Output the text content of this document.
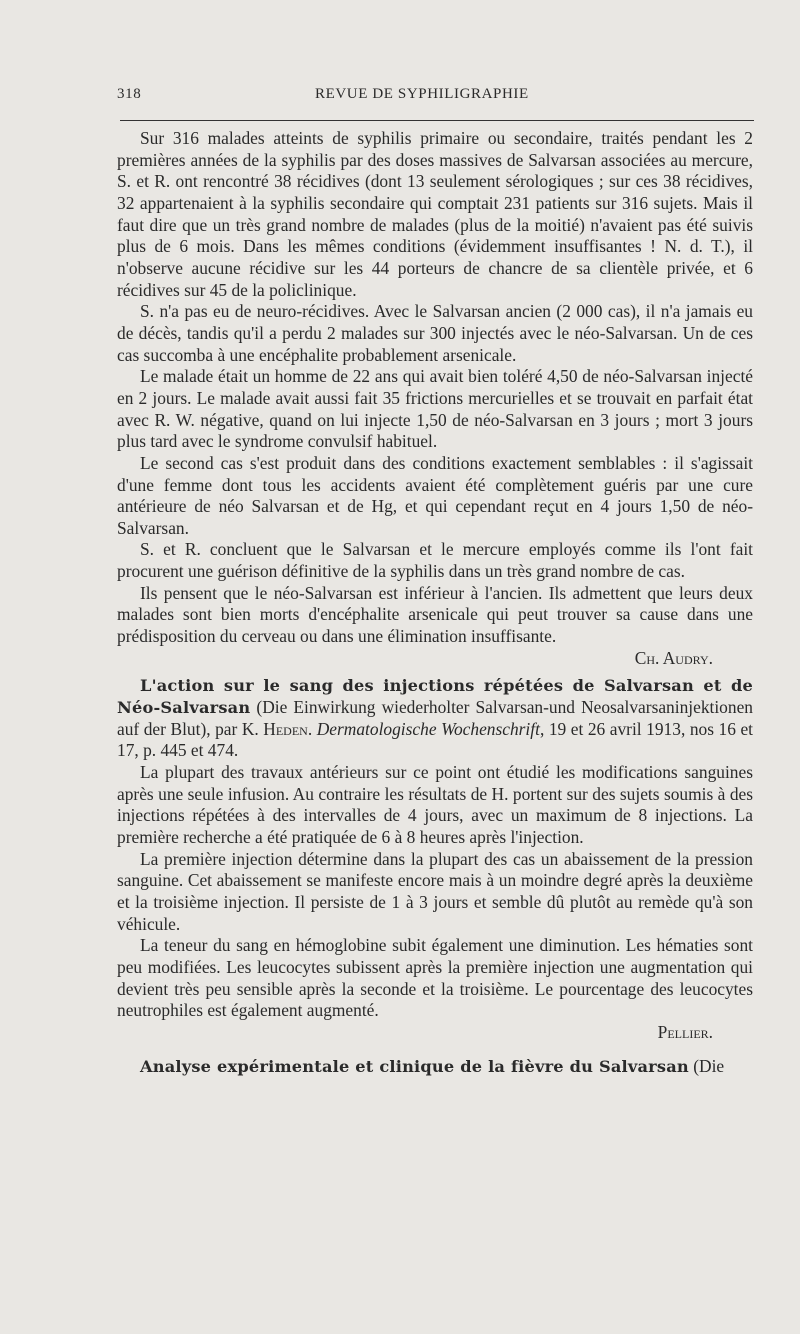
318	REVUE DE SYPHILIGRAPHIE

Sur 316 malades atteints de syphilis primaire ou secondaire, traités pendant les 2 premières années de la syphilis par des doses massives de Salvarsan associées au mercure, S. et R. ont rencontré 38 récidives (dont 13 seulement sérologiques ; sur ces 38 récidives, 32 appartenaient à la syphilis secondaire qui comptait 231 patients sur 316 sujets. Mais il faut dire que un très grand nombre de malades (plus de la moitié) n'avaient pas été suivis plus de 6 mois. Dans les mêmes conditions (évidemment insuffisantes ! N. d. T.), il n'observe aucune récidive sur les 44 porteurs de chancre de sa clientèle privée, et 6 récidives sur 45 de la policlinique.

S. n'a pas eu de neuro-récidives. Avec le Salvarsan ancien (2 000 cas), il n'a jamais eu de décès, tandis qu'il a perdu 2 malades sur 300 injectés avec le néo-Salvarsan. Un de ces cas succomba à une encéphalite probablement arsenicale.

Le malade était un homme de 22 ans qui avait bien toléré 4,50 de néo-Salvarsan injecté en 2 jours. Le malade avait aussi fait 35 frictions mercurielles et se trouvait en parfait état avec R. W. négative, quand on lui injecte 1,50 de néo-Salvarsan en 3 jours ; mort 3 jours plus tard avec le syndrome convulsif habituel.

Le second cas s'est produit dans des conditions exactement semblables : il s'agissait d'une femme dont tous les accidents avaient été complètement guéris par une cure antérieure de néo Salvarsan et de Hg, et qui cependant reçut en 4 jours 1,50 de néo-Salvarsan.

S. et R. concluent que le Salvarsan et le mercure employés comme ils l'ont fait procurent une guérison définitive de la syphilis dans un très grand nombre de cas.

Ils pensent que le néo-Salvarsan est inférieur à l'ancien. Ils admettent que leurs deux malades sont bien morts d'encéphalite arsenicale qui peut trouver sa cause dans une prédisposition du cerveau ou dans une élimination insuffisante.

Ch. Audry.

L'action sur le sang des injections répétées de Salvarsan et de Néo-Salvarsan (Die Einwirkung wiederholter Salvarsan-und Neosalvarsaninjektionen auf der Blut), par K. Heden. Dermatologische Wochenschrift, 19 et 26 avril 1913, nos 16 et 17, p. 445 et 474.

La plupart des travaux antérieurs sur ce point ont étudié les modifications sanguines après une seule infusion. Au contraire les résultats de H. portent sur des sujets soumis à des injections répétées à des intervalles de 4 jours, avec un maximum de 8 injections. La première recherche a été pratiquée de 6 à 8 heures après l'injection.

La première injection détermine dans la plupart des cas un abaissement de la pression sanguine. Cet abaissement se manifeste encore mais à un moindre degré après la deuxième et la troisième injection. Il persiste de 1 à 3 jours et semble dû plutôt au remède qu'à son véhicule.

La teneur du sang en hémoglobine subit également une diminution. Les hématies sont peu modifiées. Les leucocytes subissent après la première injection une augmentation qui devient très peu sensible après la seconde et la troisième. Le pourcentage des leucocytes neutrophiles est également augmenté.

Pellier.

Analyse expérimentale et clinique de la fièvre du Salvarsan (Die
